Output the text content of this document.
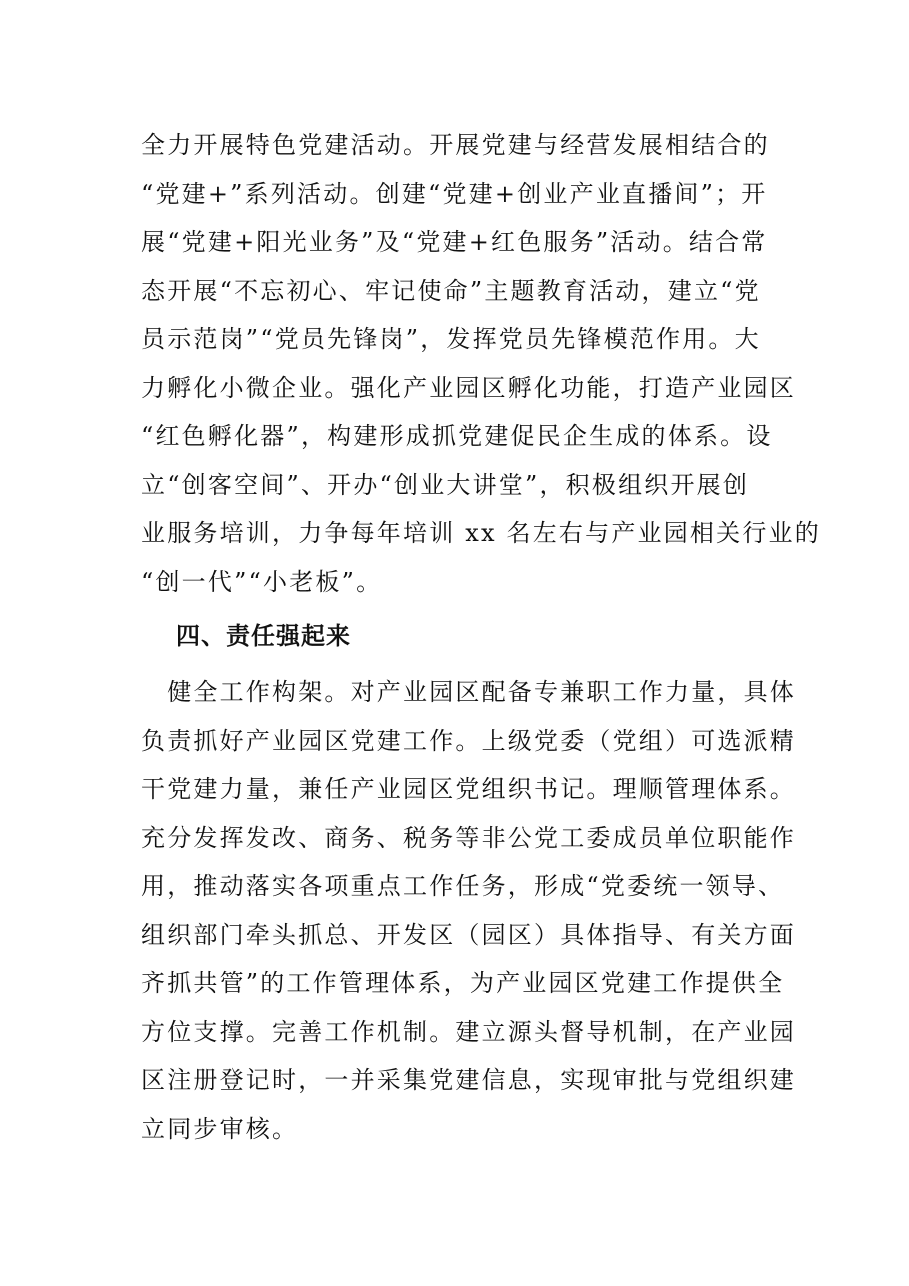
全力开展特色党建活动。开展党建与经营发展相结合的
“党建+”系列活动。创建“党建+创业产业直播间”；开
展“党建+阳光业务”及“党建+红色服务”活动。结合常
态开展“不忘初心、牢记使命”主题教育活动，建立“党
员示范岗”“党员先锋岗”，发挥党员先锋模范作用。大
力孵化小微企业。强化产业园区孵化功能，打造产业园区
“红色孵化器”，构建形成抓党建促民企生成的体系。设
立“创客空间”、开办“创业大讲堂”，积极组织开展创
业服务培训，力争每年培训 xx 名左右与产业园相关行业的
“创一代”“小老板”。
四、责任强起来
　健全工作构架。对产业园区配备专兼职工作力量，具体
负责抓好产业园区党建工作。上级党委（党组）可选派精
干党建力量，兼任产业园区党组织书记。理顺管理体系。
充分发挥发改、商务、税务等非公党工委成员单位职能作
用，推动落实各项重点工作任务，形成“党委统一领导、
组织部门牵头抓总、开发区（园区）具体指导、有关方面
齐抓共管”的工作管理体系，为产业园区党建工作提供全
方位支撑。完善工作机制。建立源头督导机制，在产业园
区注册登记时，一并采集党建信息，实现审批与党组织建
立同步审核。
